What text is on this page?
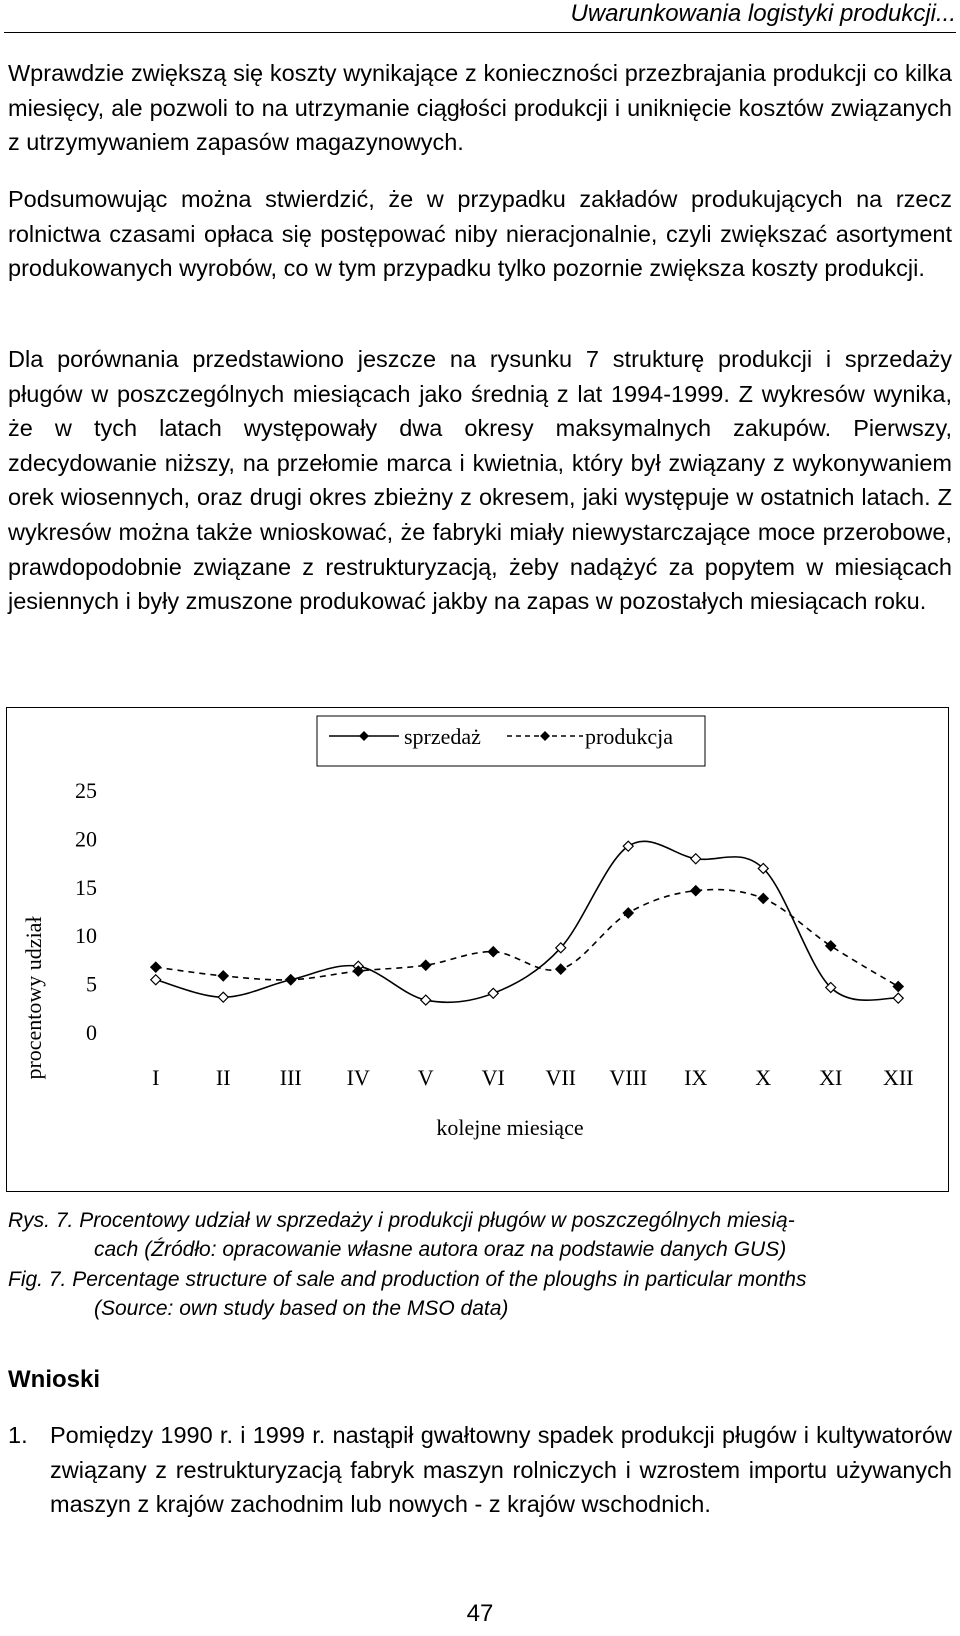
Uwarunkowania logistyki produkcji...

Wprawdzie zwiększą się koszty wynikające z konieczności przezbrajania produkcji co kilka miesięcy, ale pozwoli to na utrzymanie ciągłości produkcji i uniknięcie kosztów związanych z utrzymywaniem zapasów magazynowych.

Podsumowując można stwierdzić, że w przypadku zakładów produkujących na rzecz rolnictwa czasami opłaca się postępować niby nieracjonalnie, czyli zwiększać asortyment produkowanych wyrobów, co w tym przypadku tylko pozornie zwiększa koszty produkcji.

Dla porównania przedstawiono jeszcze na rysunku 7 strukturę produkcji i sprzedaży pługów w poszczególnych miesiącach jako średnią z lat 1994-1999. Z wykresów wynika, że w tych latach występowały dwa okresy maksymalnych zakupów. Pierwszy, zdecydowanie niższy, na przełomie marca i kwietnia, który był związany z wykonywaniem orek wiosennych, oraz drugi okres zbieżny z okresem, jaki występuje w ostatnich latach. Z wykresów można także wnioskować, że fabryki miały niewystarczające moce przerobowe, prawdopodobnie związane z restrukturyzacją, żeby nadążyć za popytem w miesiącach jesiennych i były zmuszone produkować jakby na zapas w pozostałych miesiącach roku.

sprzedaż	produkcja
procentowy udział
kolejne miesiące
0
5
10
15
20
25
I	II III IV V VI VII VIII IX X XI XII
Rys. 7. Procentowy udział w sprzedaży i produkcji pługów w poszczególnych miesią-
cach (Źródło: opracowanie własne autora oraz na podstawie danych GUS)
Fig. 7. Percentage structure of sale and production of the ploughs in particular months
(Source: own study based on the MSO data)
Wnioski
1. Pomiędzy 1990 r. i 1999 r. nastąpił gwałtowny spadek produkcji pługów i kultywatorów związany z restrukturyzacją fabryk maszyn rolniczych i wzrostem importu używanych maszyn z krajów zachodnim lub nowych - z krajów wschodnich.
47
